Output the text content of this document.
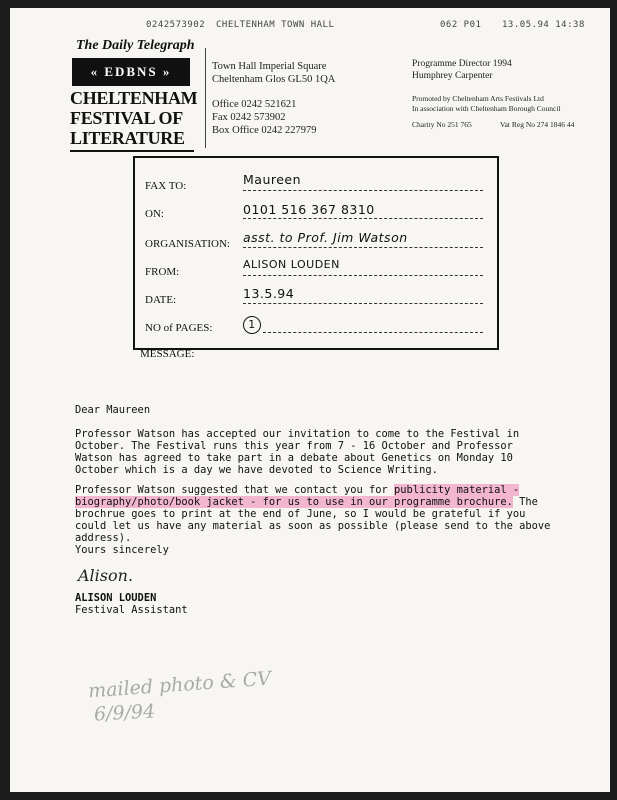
0242573902 CHELTENHAM TOWN HALL	062 P01 13.05.94 14:38
The Daily Telegraph
« EDBNS »
CHELTENHAM
FESTIVAL OF
LITERATURE
Town Hall Imperial Square
Cheltenham Glos GL50 1QA
Office 0242 521621
Fax 0242 573902
Box Office 0242 227979
Programme Director 1994
Humphrey Carpenter
Promoted by Cheltenham Arts Festivals Ltd
In association with Cheltenham Borough Council
Charity No 251 765	Vat Reg No 274 1846 44
FAX TO:	Maureen
ON:	0101 516 367 8310
ORGANISATION: asst. to Prof. Jim Watson
FROM:
ALISON LOUDEN
DATE:	13.5.94
NO of PAGES:	1
MESSAGE:
Dear Maureen
Professor Watson has accepted our invitation to come to the Festival in October. The Festival runs this year from 7 - 16 October and Professor Watson has agreed to take part in a debate about Genetics on Monday 10 October which is a day we have devoted to Science Writing.
Professor Watson suggested that we contact you for publicity material - biography/photo/book jacket - for us to use in our programme brochure. The brochrue goes to print at the end of June, so I would be grateful if you could let us have any material as soon as possible (please send to the above address).
Yours sincerely
Alison.
ALISON LOUDEN
Festival Assistant
mailed photo & CV
6/9/94
